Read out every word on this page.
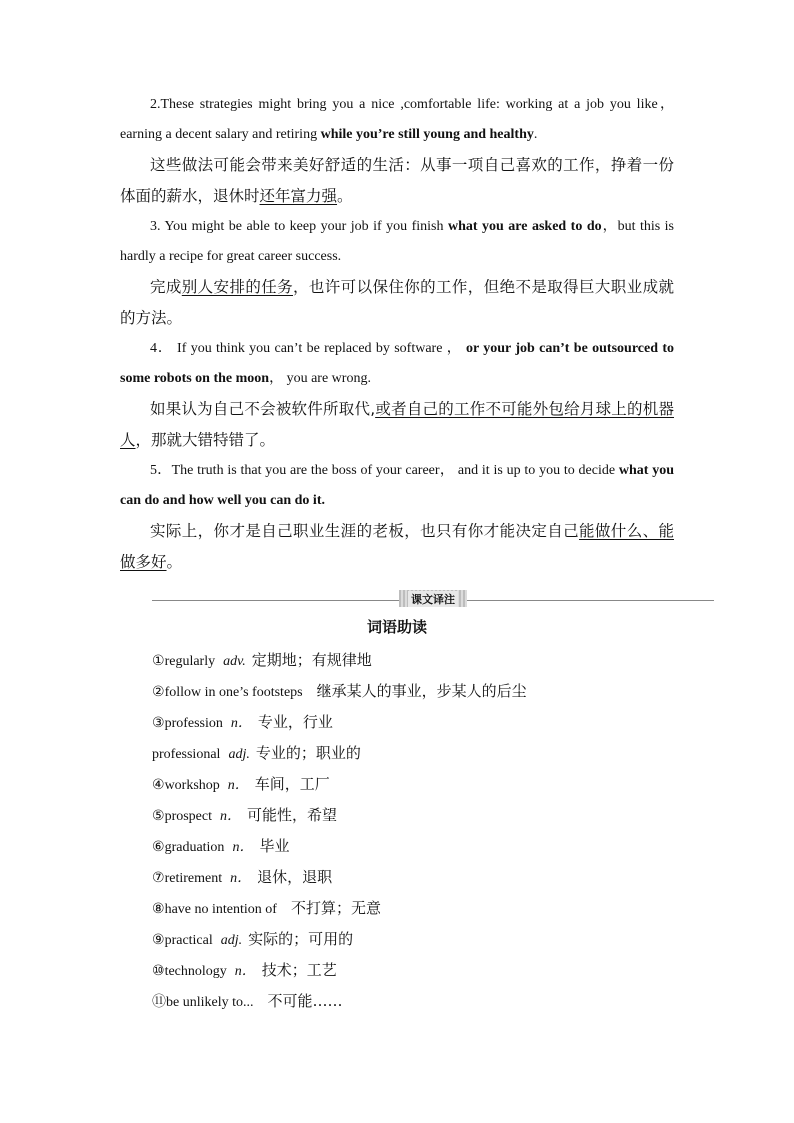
2.These strategies might bring you a nice ,comfortable life: working at a job you like， earning a decent salary and retiring while you’re still young and healthy.

这些做法可能会带来美好舒适的生活：从事一项自己喜欢的工作，挣着一份体面的薪水，退休时还年富力强。

3. You might be able to keep your job if you finish what you are asked to do，but this is hardly a recipe for great career success.

完成别人安排的任务，也许可以保住你的工作，但绝不是取得巨大职业成就的方法。

4． If you think you can’t be replaced by software ， or your job can’t be outsourced to some robots on the moon， you are wrong.

如果认为自己不会被软件所取代,或者自己的工作不可能外包给月球上的机器人，那就大错特错了。

5．The truth is that you are the boss of your career， and it is up to you to decide what you can do and how well you can do it.

实际上，你才是自己职业生涯的老板，也只有你才能决定自己能做什么、能做多好。

课文译注
词语助读
①regularly adv. 定期地；有规律地
②follow in one’s footsteps 继承某人的事业，步某人的后尘
③profession n． 专业，行业
professional adj. 专业的；职业的
④workshop n． 车间，工厂
⑤prospect n． 可能性，希望
⑥graduation n． 毕业
⑦retirement n． 退休，退职
⑧have no intention of 不打算；无意
⑨practical adj. 实际的；可用的
⑩technology n． 技术；工艺
⑪be unlikely to... 不可能……
